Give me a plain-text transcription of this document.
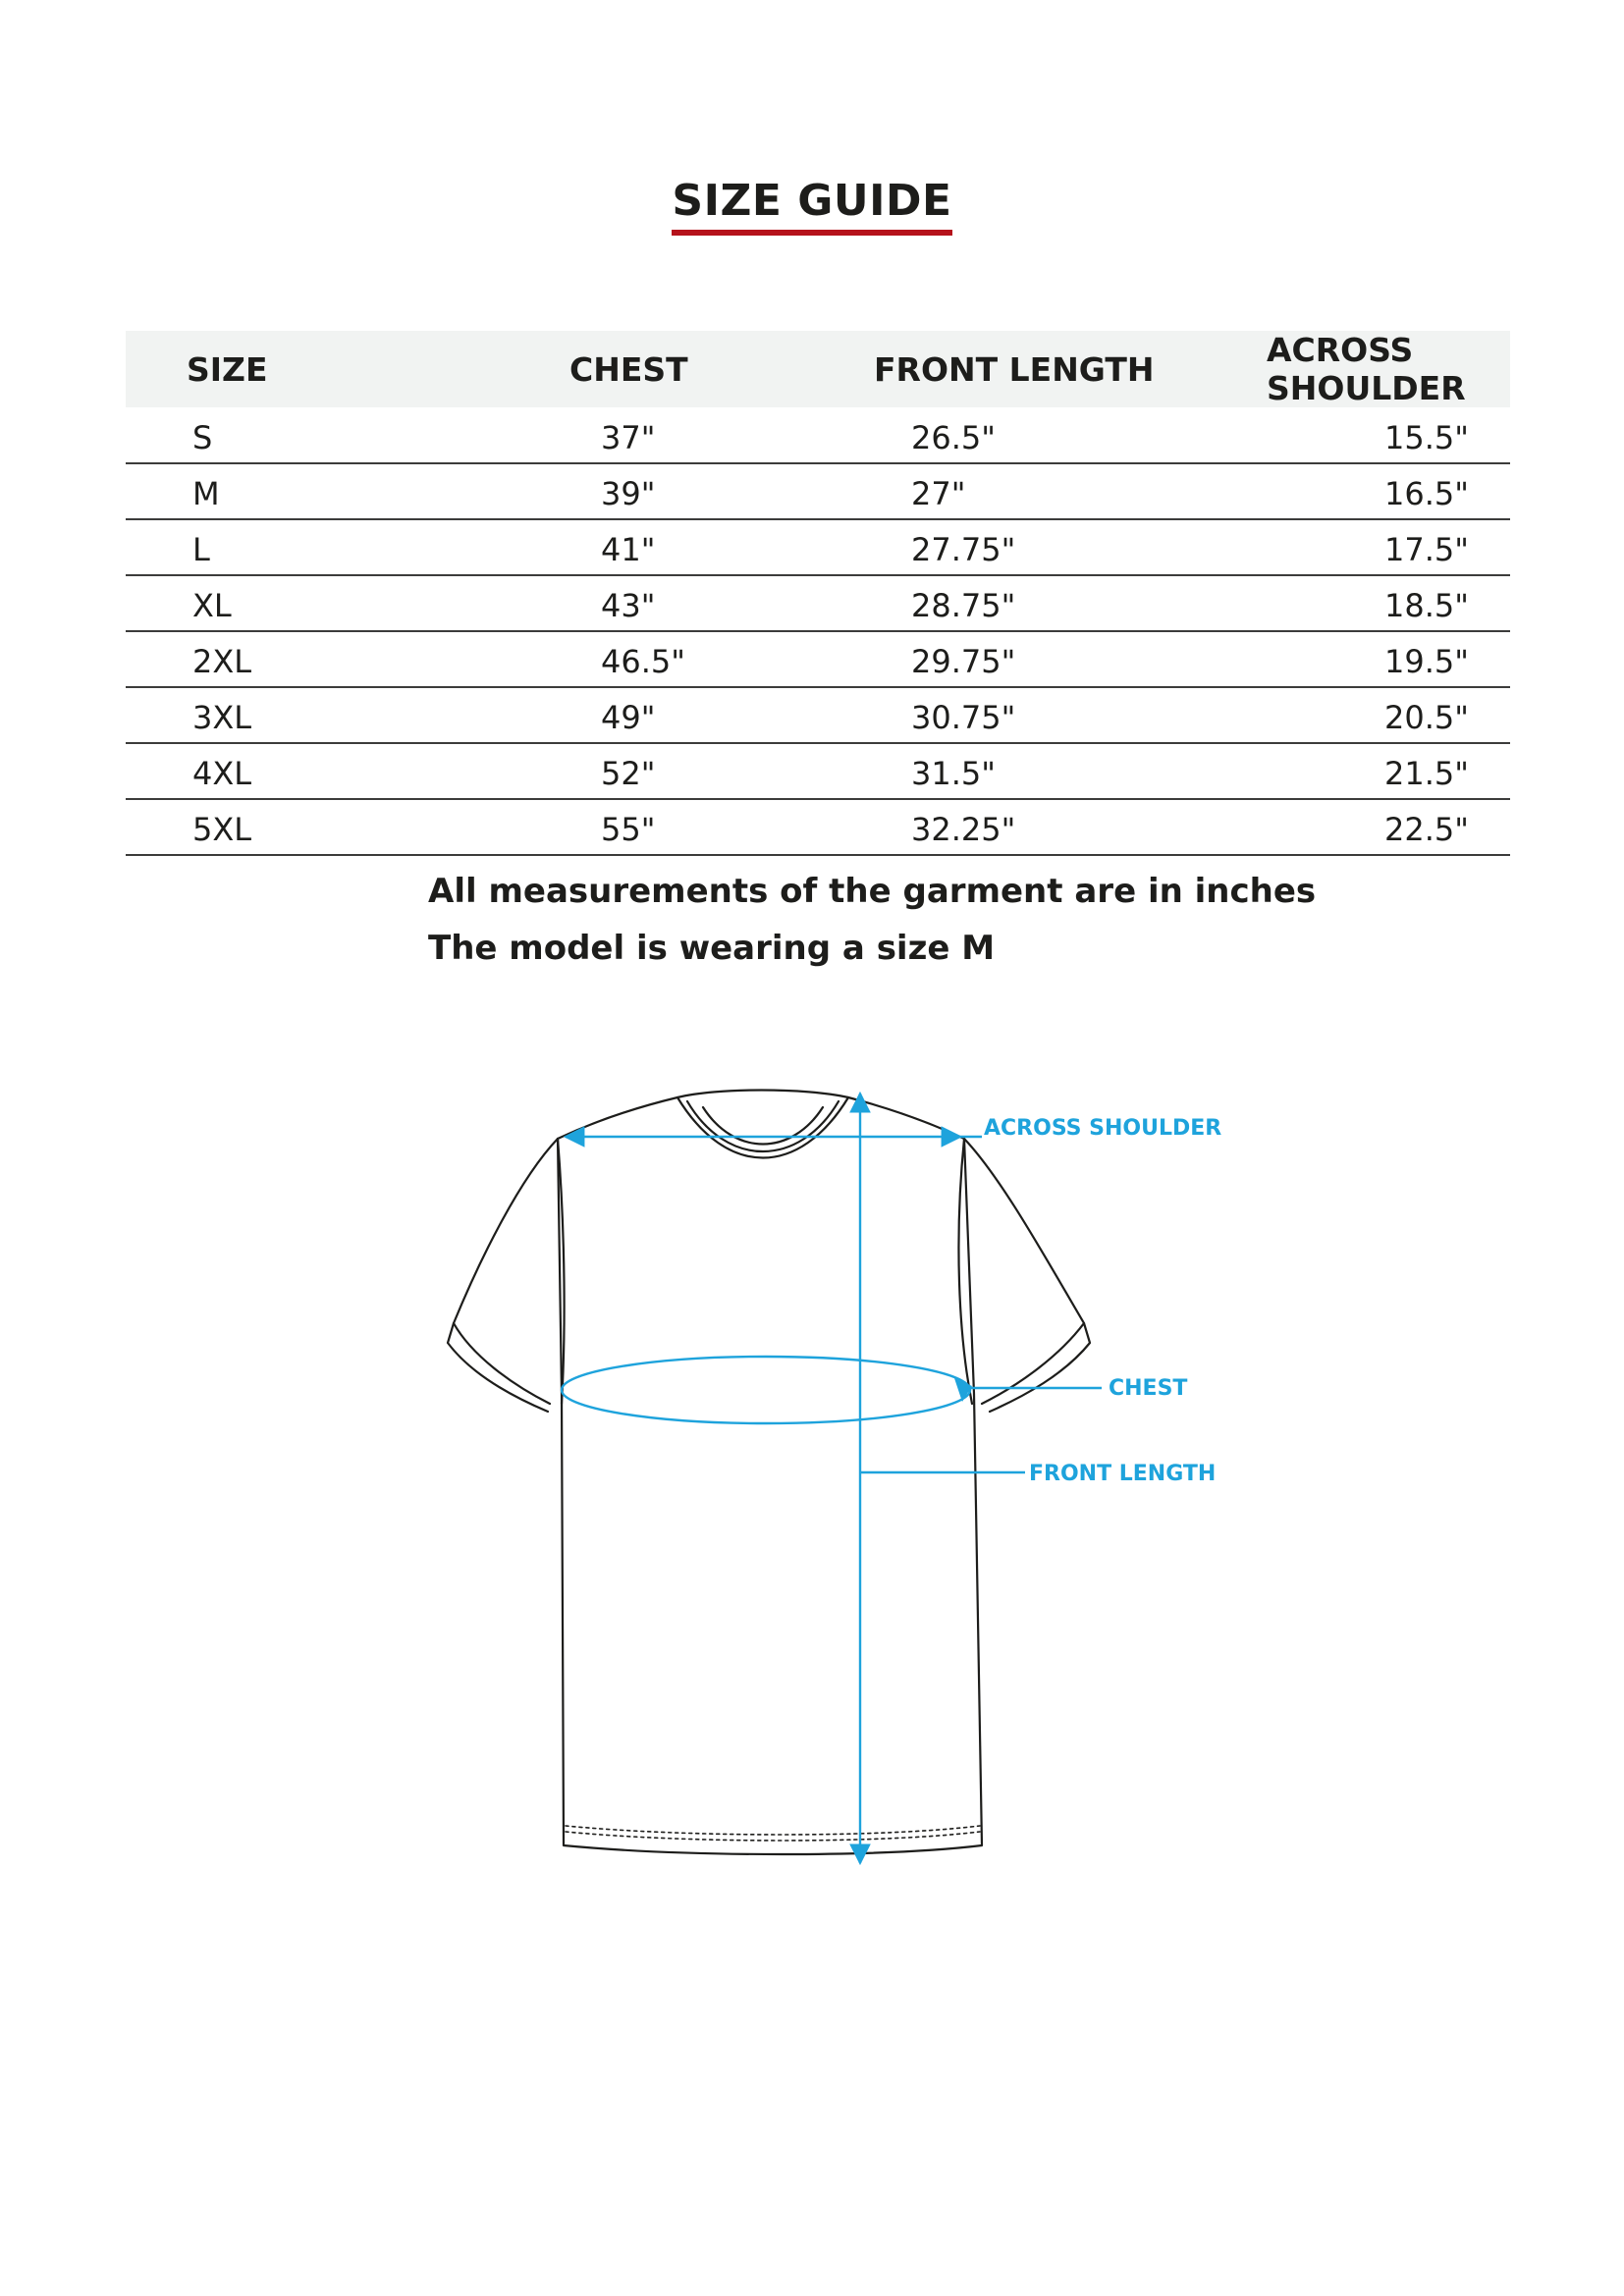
SIZE GUIDE
SIZE	CHEST	FRONT LENGTH	ACROSS SHOULDER
S	37"	26.5"	15.5"
M	39"	27"	16.5"
L	41"	27.75"	17.5"
XL	43"	28.75"	18.5"
2XL	46.5"	29.75"	19.5"
3XL	49"	30.75"	20.5"
4XL	52"	31.5"	21.5"
5XL	55"	32.25"	22.5"
All measurements of the garment are in inches
The model is wearing a size M
ACROSS SHOULDER
CHEST
FRONT LENGTH
